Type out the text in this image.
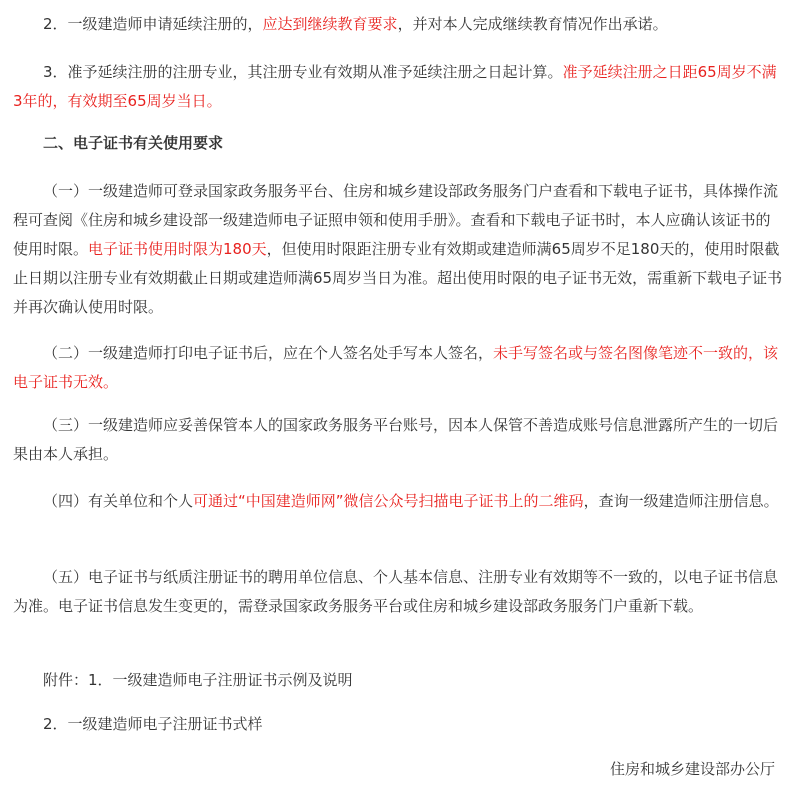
2．一级建造师申请延续注册的，应达到继续教育要求，并对本人完成继续教育情况作出承诺。

3．准予延续注册的注册专业，其注册专业有效期从准予延续注册之日起计算。准予延续注册之日距65周岁不满3年的，有效期至65周岁当日。

二、电子证书有关使用要求

（一）一级建造师可登录国家政务服务平台、住房和城乡建设部政务服务门户查看和下载电子证书，具体操作流程可查阅《住房和城乡建设部一级建造师电子证照申领和使用手册》。查看和下载电子证书时，本人应确认该证书的使用时限。电子证书使用时限为180天，但使用时限距注册专业有效期或建造师满65周岁不足180天的，使用时限截止日期以注册专业有效期截止日期或建造师满65周岁当日为准。超出使用时限的电子证书无效，需重新下载电子证书并再次确认使用时限。

（二）一级建造师打印电子证书后，应在个人签名处手写本人签名，未手写签名或与签名图像笔迹不一致的，该电子证书无效。

（三）一级建造师应妥善保管本人的国家政务服务平台账号，因本人保管不善造成账号信息泄露所产生的一切后果由本人承担。

（四）有关单位和个人可通过“中国建造师网”微信公众号扫描电子证书上的二维码，查询一级建造师注册信息。

（五）电子证书与纸质注册证书的聘用单位信息、个人基本信息、注册专业有效期等不一致的，以电子证书信息为准。电子证书信息发生变更的，需登录国家政务服务平台或住房和城乡建设部政务服务门户重新下载。

附件：1．一级建造师电子注册证书示例及说明

2．一级建造师电子注册证书式样

住房和城乡建设部办公厅
